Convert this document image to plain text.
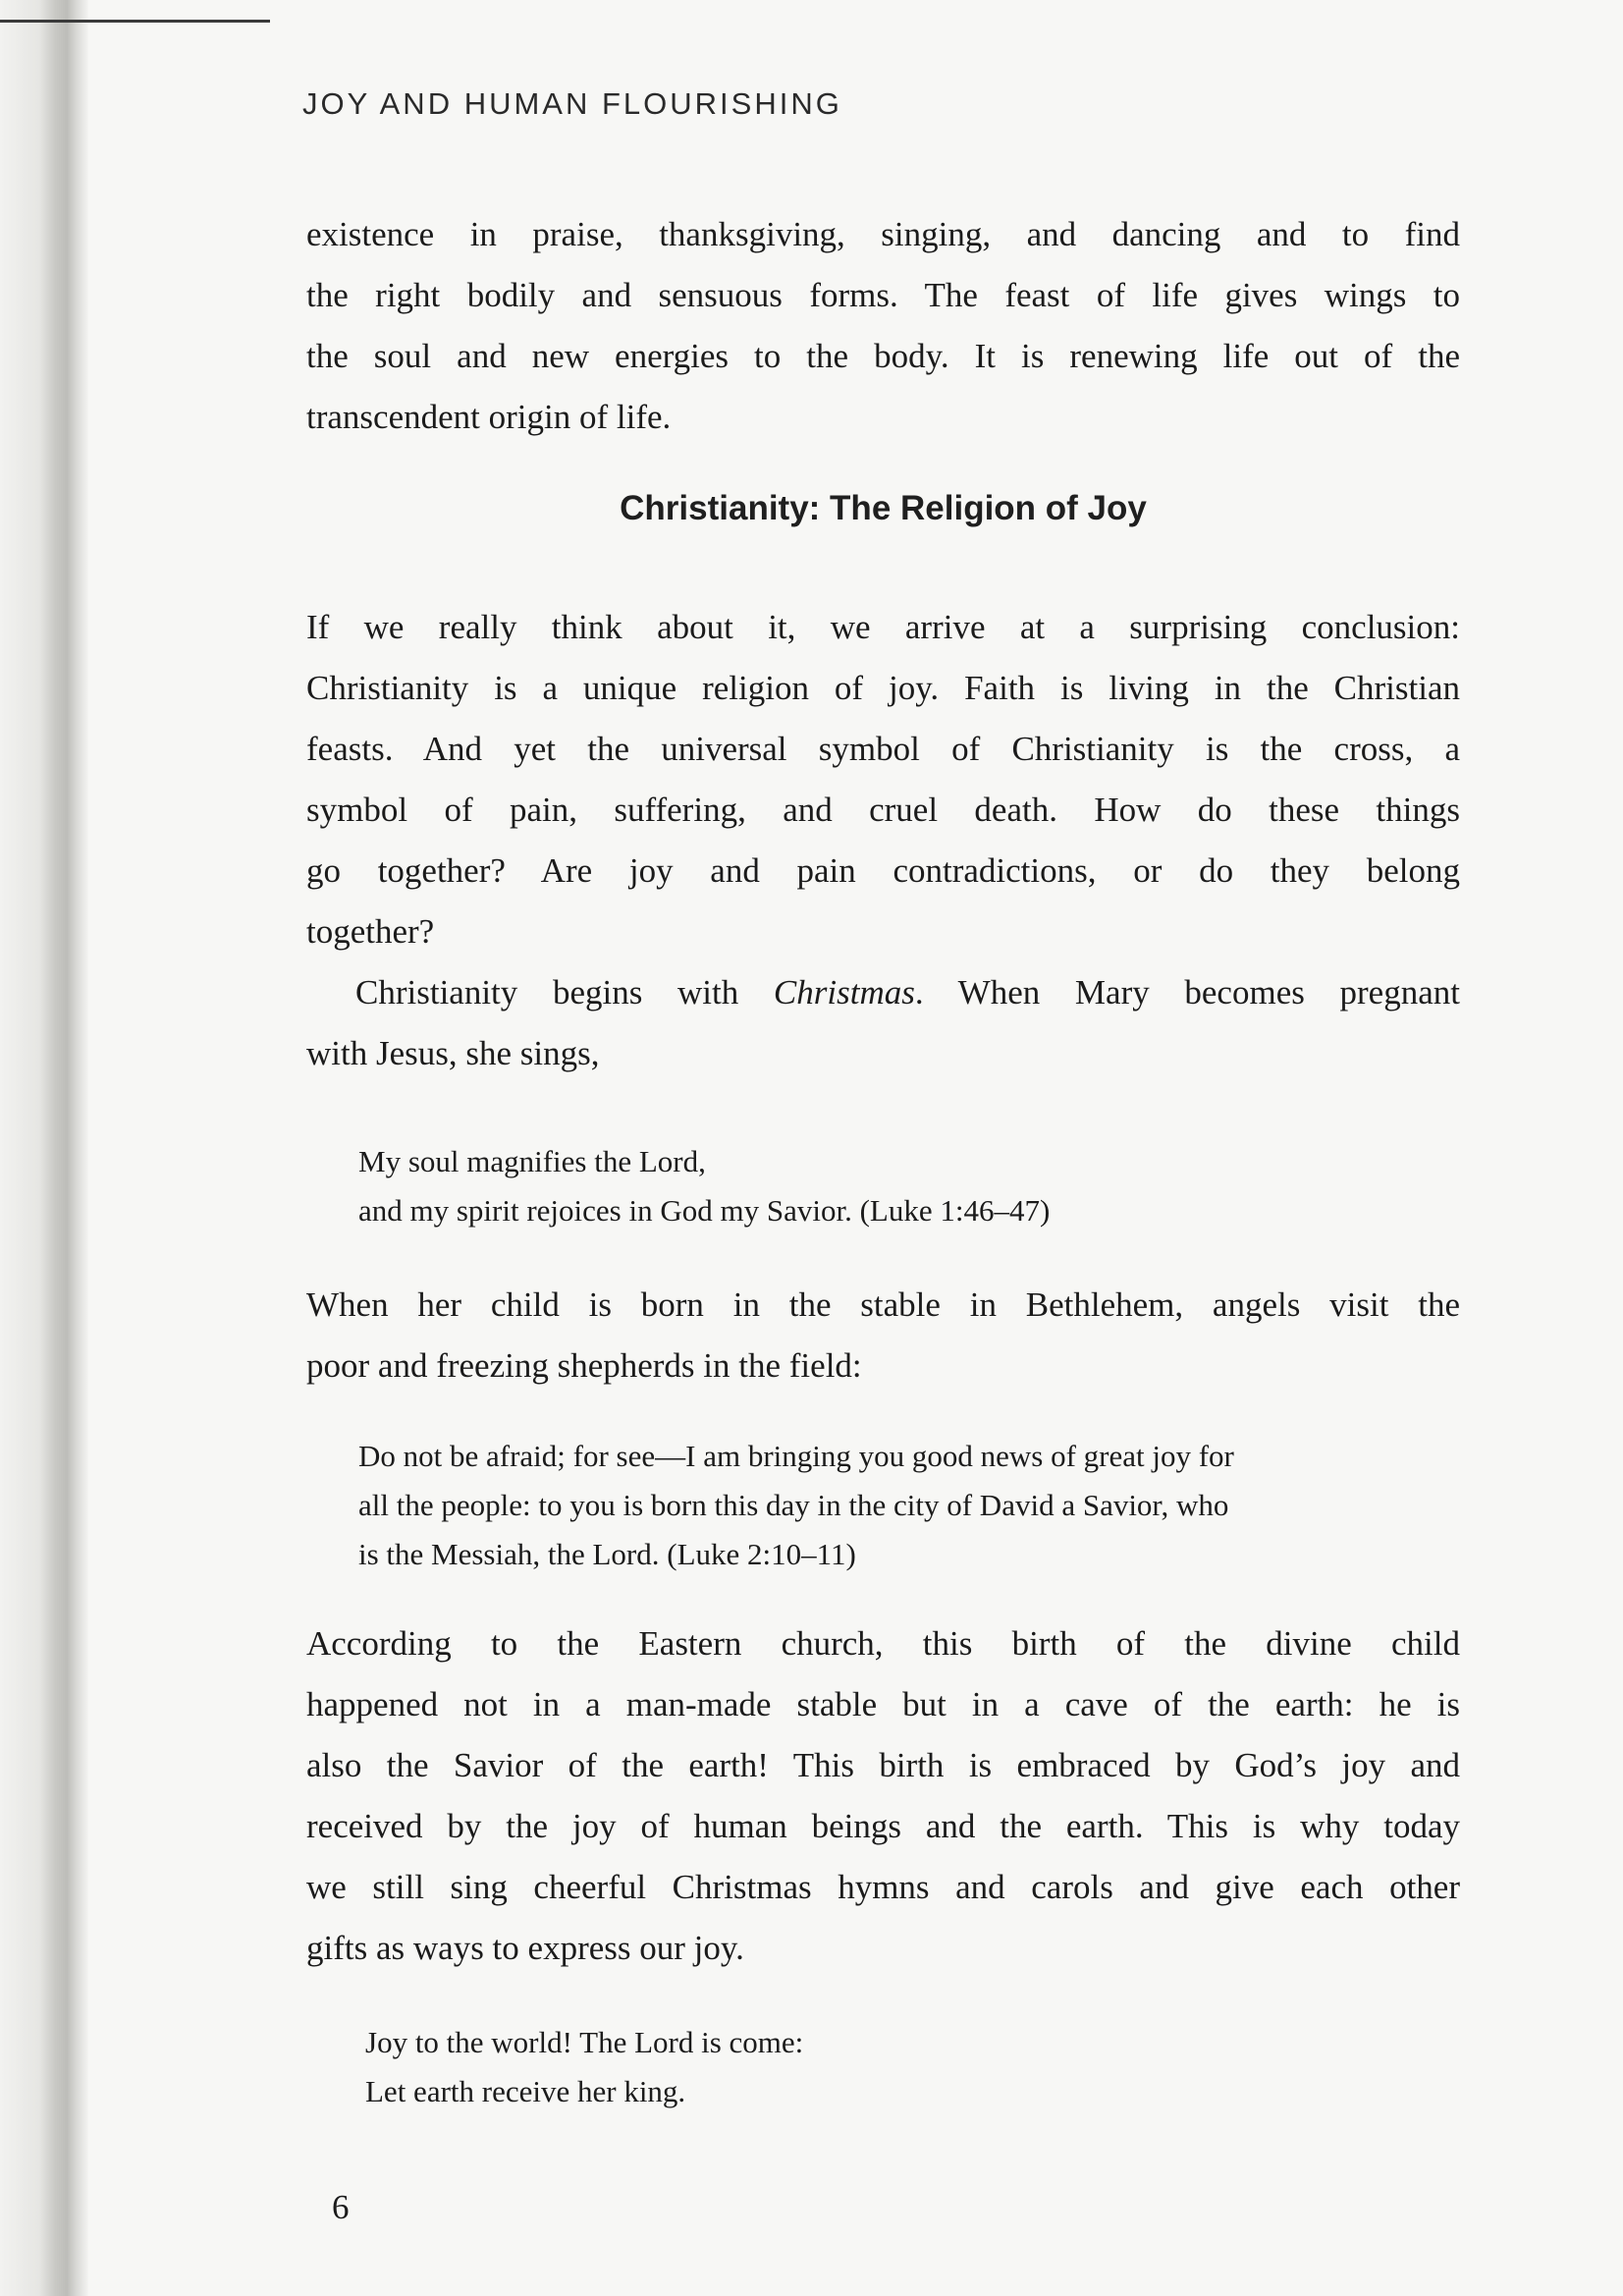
JOY AND HUMAN FLOURISHING
existence in praise, thanksgiving, singing, and dancing and to find
the right bodily and sensuous forms. The feast of life gives wings to
the soul and new energies to the body. It is renewing life out of the
transcendent origin of life.
Christianity: The Religion of Joy
If we really think about it, we arrive at a surprising conclusion:
Christianity is a unique religion of joy. Faith is living in the Christian
feasts. And yet the universal symbol of Christianity is the cross, a
symbol of pain, suffering, and cruel death. How do these things
go together? Are joy and pain contradictions, or do they belong
together?
Christianity begins with Christmas. When Mary becomes pregnant
with Jesus, she sings,
My soul magnifies the Lord,
and my spirit rejoices in God my Savior. (Luke 1:46–47)
When her child is born in the stable in Bethlehem, angels visit the
poor and freezing shepherds in the field:
Do not be afraid; for see—I am bringing you good news of great joy for
all the people: to you is born this day in the city of David a Savior, who
is the Messiah, the Lord. (Luke 2:10–11)
According to the Eastern church, this birth of the divine child
happened not in a man-made stable but in a cave of the earth: he is
also the Savior of the earth! This birth is embraced by God’s joy and
received by the joy of human beings and the earth. This is why today
we still sing cheerful Christmas hymns and carols and give each other
gifts as ways to express our joy.
Joy to the world! The Lord is come:
Let earth receive her king.
6
